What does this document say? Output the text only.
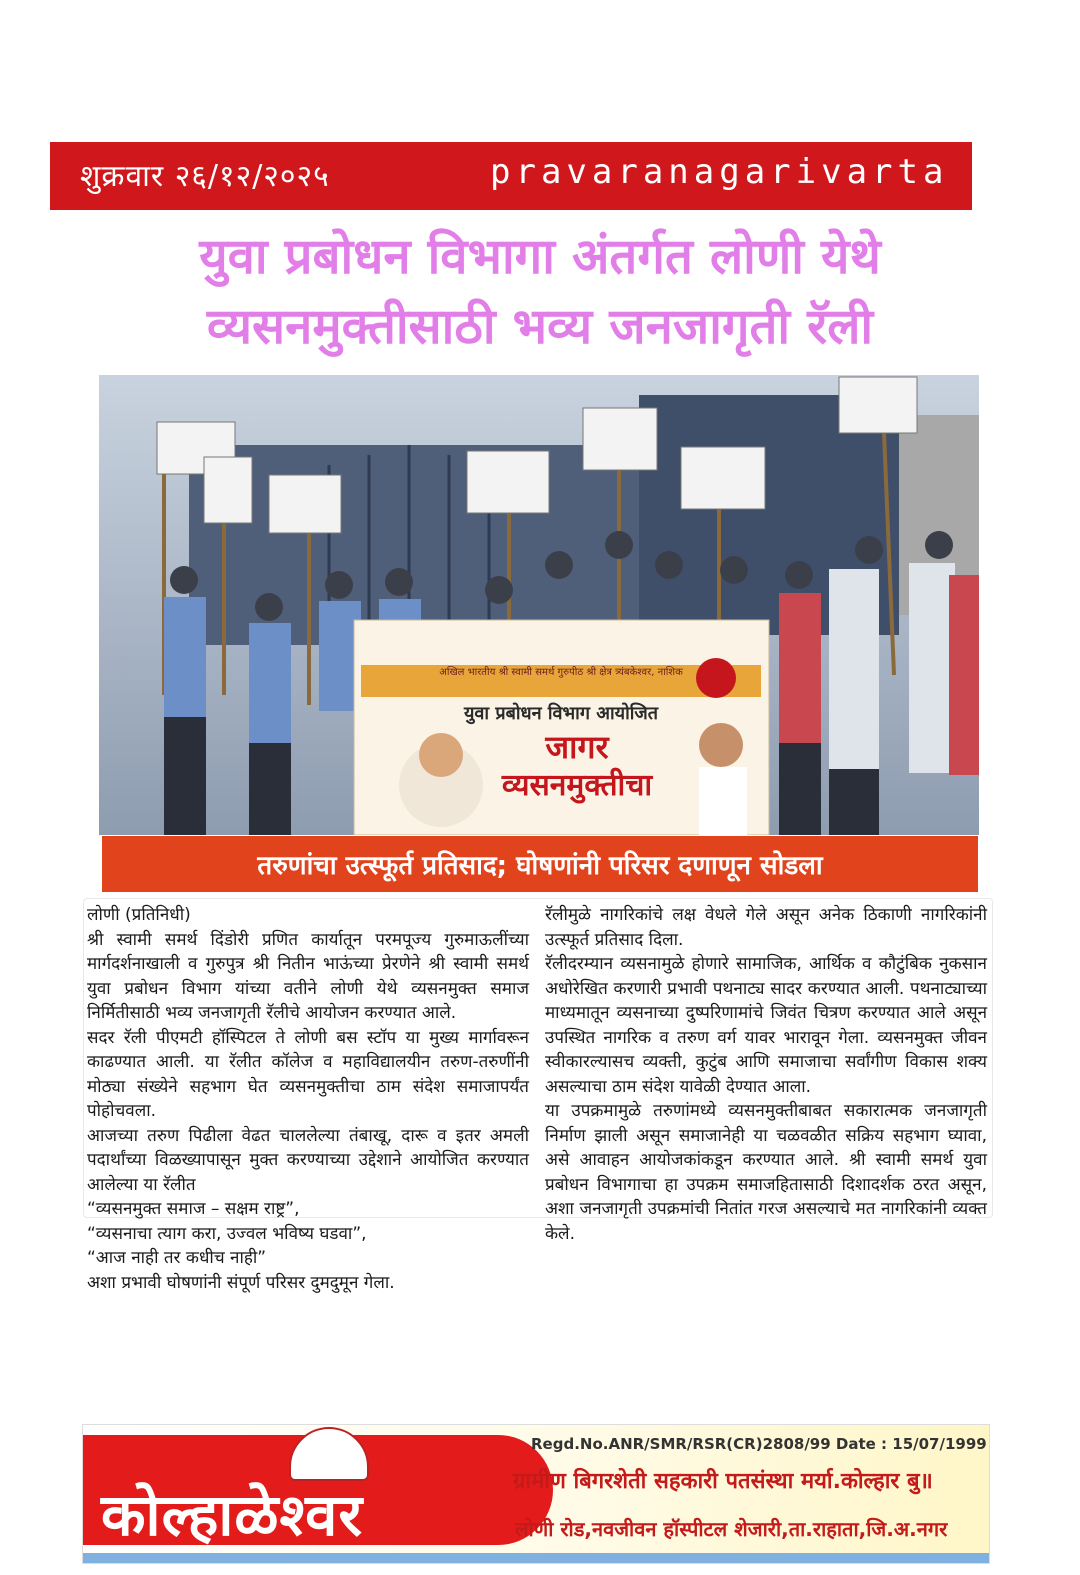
शुक्रवार २६/१२/२०२५	pravaranagarivarta
युवा प्रबोधन विभागा अंतर्गत लोणी येथे
व्यसनमुक्तीसाठी भव्य जनजागृती रॅली
अखिल भारतीय श्री स्वामी समर्थ गुरुपीठ श्री क्षेत्र त्र्यंबकेश्वर, नाशिक
युवा प्रबोधन विभाग आयोजित
जागर
व्यसनमुक्तीचा
तरुणांचा उत्स्फूर्त प्रतिसाद; घोषणांनी परिसर दणाणून सोडला

लोणी (प्रतिनिधी)

श्री स्वामी समर्थ दिंडोरी प्रणित कार्यातून परमपूज्य गुरुमाऊलींच्या मार्गदर्शनाखाली व गुरुपुत्र श्री नितीन भाऊंच्या प्रेरणेने श्री स्वामी समर्थ युवा प्रबोधन विभाग यांच्या वतीने लोणी येथे व्यसनमुक्त समाज निर्मितीसाठी भव्य जनजागृती रॅलीचे आयोजन करण्यात आले.

सदर रॅली पीएमटी हॉस्पिटल ते लोणी बस स्टॉप या मुख्य मार्गावरून काढण्यात आली. या रॅलीत कॉलेज व महाविद्यालयीन तरुण-तरुणींनी मोठ्या संख्येने सहभाग घेत व्यसनमुक्तीचा ठाम संदेश समाजापर्यंत पोहोचवला.

आजच्या तरुण पिढीला वेढत चाललेल्या तंबाखू, दारू व इतर अमली पदार्थांच्या विळख्यापासून मुक्त करण्याच्या उद्देशाने आयोजित करण्यात आलेल्या या रॅलीत

“व्यसनमुक्त समाज – सक्षम राष्ट्र”,

“व्यसनाचा त्याग करा, उज्वल भविष्य घडवा”,

“आज नाही तर कधीच नाही”

अशा प्रभावी घोषणांनी संपूर्ण परिसर दुमदुमून गेला.

रॅलीमुळे नागरिकांचे लक्ष वेधले गेले असून अनेक ठिकाणी नागरिकांनी उत्स्फूर्त प्रतिसाद दिला.

रॅलीदरम्यान व्यसनामुळे होणारे सामाजिक, आर्थिक व कौटुंबिक नुकसान अधोरेखित करणारी प्रभावी पथनाट्य सादर करण्यात आली. पथनाट्याच्या माध्यमातून व्यसनाच्या दुष्परिणामांचे जिवंत चित्रण करण्यात आले असून उपस्थित नागरिक व तरुण वर्ग यावर भारावून गेला. व्यसनमुक्त जीवन स्वीकारल्यासच व्यक्ती, कुटुंब आणि समाजाचा सर्वांगीण विकास शक्य असल्याचा ठाम संदेश यावेळी देण्यात आला.

या उपक्रमामुळे तरुणांमध्ये व्यसनमुक्तीबाबत सकारात्मक जनजागृती निर्माण झाली असून समाजानेही या चळवळीत सक्रिय सहभाग घ्यावा, असे आवाहन आयोजकांकडून करण्यात आले. श्री स्वामी समर्थ युवा प्रबोधन विभागाचा हा उपक्रम समाजहितासाठी दिशादर्शक ठरत असून, अशा जनजागृती उपक्रमांची नितांत गरज असल्याचे मत नागरिकांनी व्यक्त केले.

कोल्हाळेश्वर
Regd.No.ANR/SMR/RSR(CR)2808/99 Date : 15/07/1999
ग्रामीण बिगरशेती सहकारी पतसंस्था मर्या.कोल्हार बु॥
लोणी रोड,नवजीवन हॉस्पीटल शेजारी,ता.राहाता,जि.अ.नगर
